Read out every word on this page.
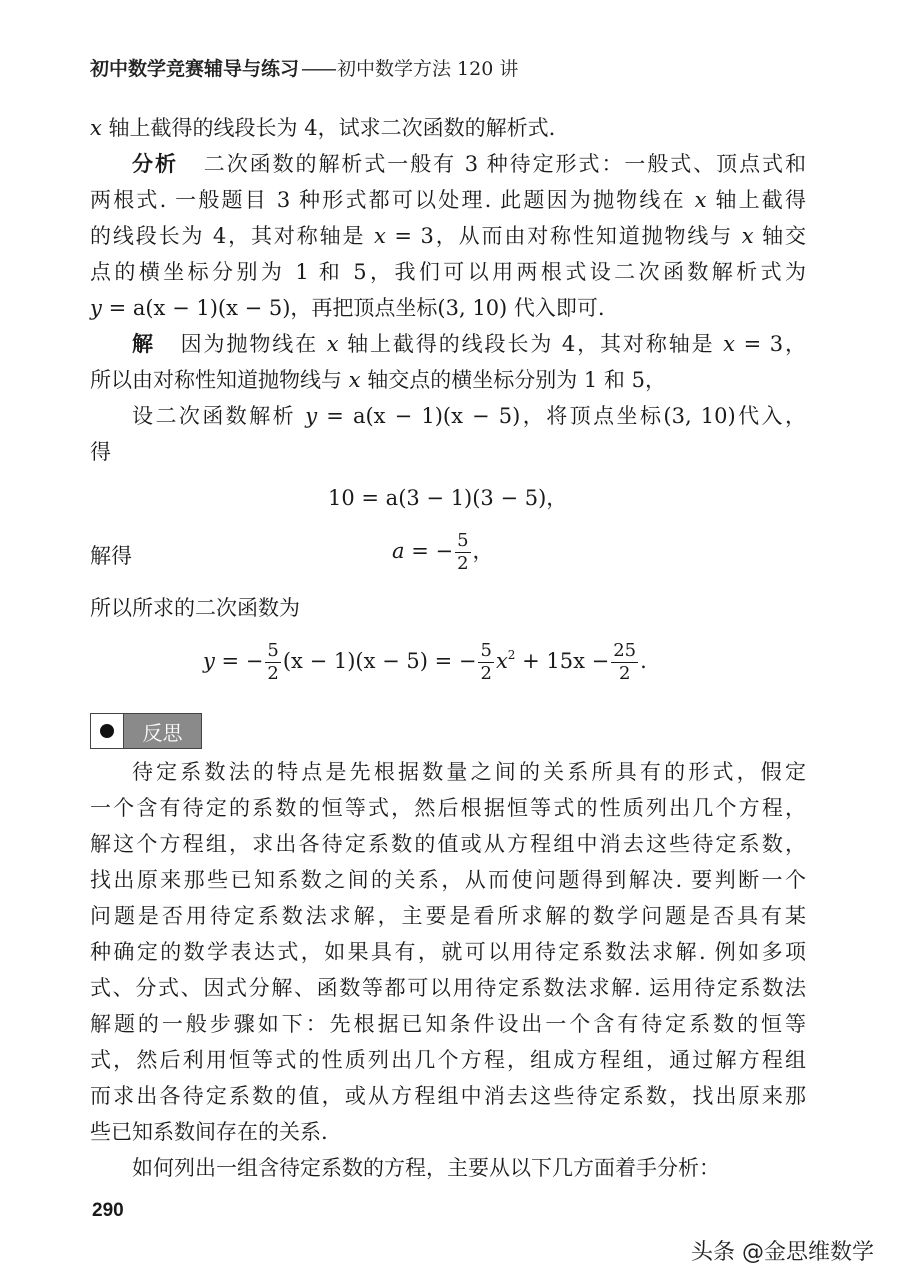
初中数学竞赛辅导与练习 —— 初中数学方法 120 讲
x 轴上截得的线段长为 4，试求二次函数的解析式.
分析 二次函数的解析式一般有 3 种待定形式：一般式、顶点式和
两根式. 一般题目 3 种形式都可以处理. 此题因为抛物线在 x 轴上截得
的线段长为 4，其对称轴是 x = 3，从而由对称性知道抛物线与 x 轴交
点的横坐标分别为 1 和 5，我们可以用两根式设二次函数解析式为
y = a(x − 1)(x − 5)，再把顶点坐标(3, 10) 代入即可.
解 因为抛物线在 x 轴上截得的线段长为 4，其对称轴是 x = 3，
所以由对称性知道抛物线与 x 轴交点的横坐标分别为 1 和 5，
设二次函数解析 y = a(x − 1)(x − 5)，将顶点坐标(3, 10)代入，
得
10 = a(3 − 1)(3 − 5)，
解得	a = − $\frac{5}{2}$ ，
所以所求的二次函数为
y = − $\frac{5}{2} (x - 1)(x - 5)$ = − $\frac{5}{2} x^2 + 15x - \frac{25}{2}$ .
反思
待定系数法的特点是先根据数量之间的关系所具有的形式，假定
一个含有待定的系数的恒等式，然后根据恒等式的性质列出几个方程，
解这个方程组，求出各待定系数的值或从方程组中消去这些待定系数，
找出原来那些已知系数之间的关系，从而使问题得到解决. 要判断一个
问题是否用待定系数法求解，主要是看所求解的数学问题是否具有某
种确定的数学表达式，如果具有，就可以用待定系数法求解. 例如多项
式、分式、因式分解、函数等都可以用待定系数法求解. 运用待定系数法
解题的一般步骤如下：先根据已知条件设出一个含有待定系数的恒等
式，然后利用恒等式的性质列出几个方程，组成方程组，通过解方程组
而求出各待定系数的值，或从方程组中消去这些待定系数，找出原来那
些已知系数间存在的关系.
如何列出一组含待定系数的方程，主要从以下几方面着手分析：
290
头条 @金思维数学
